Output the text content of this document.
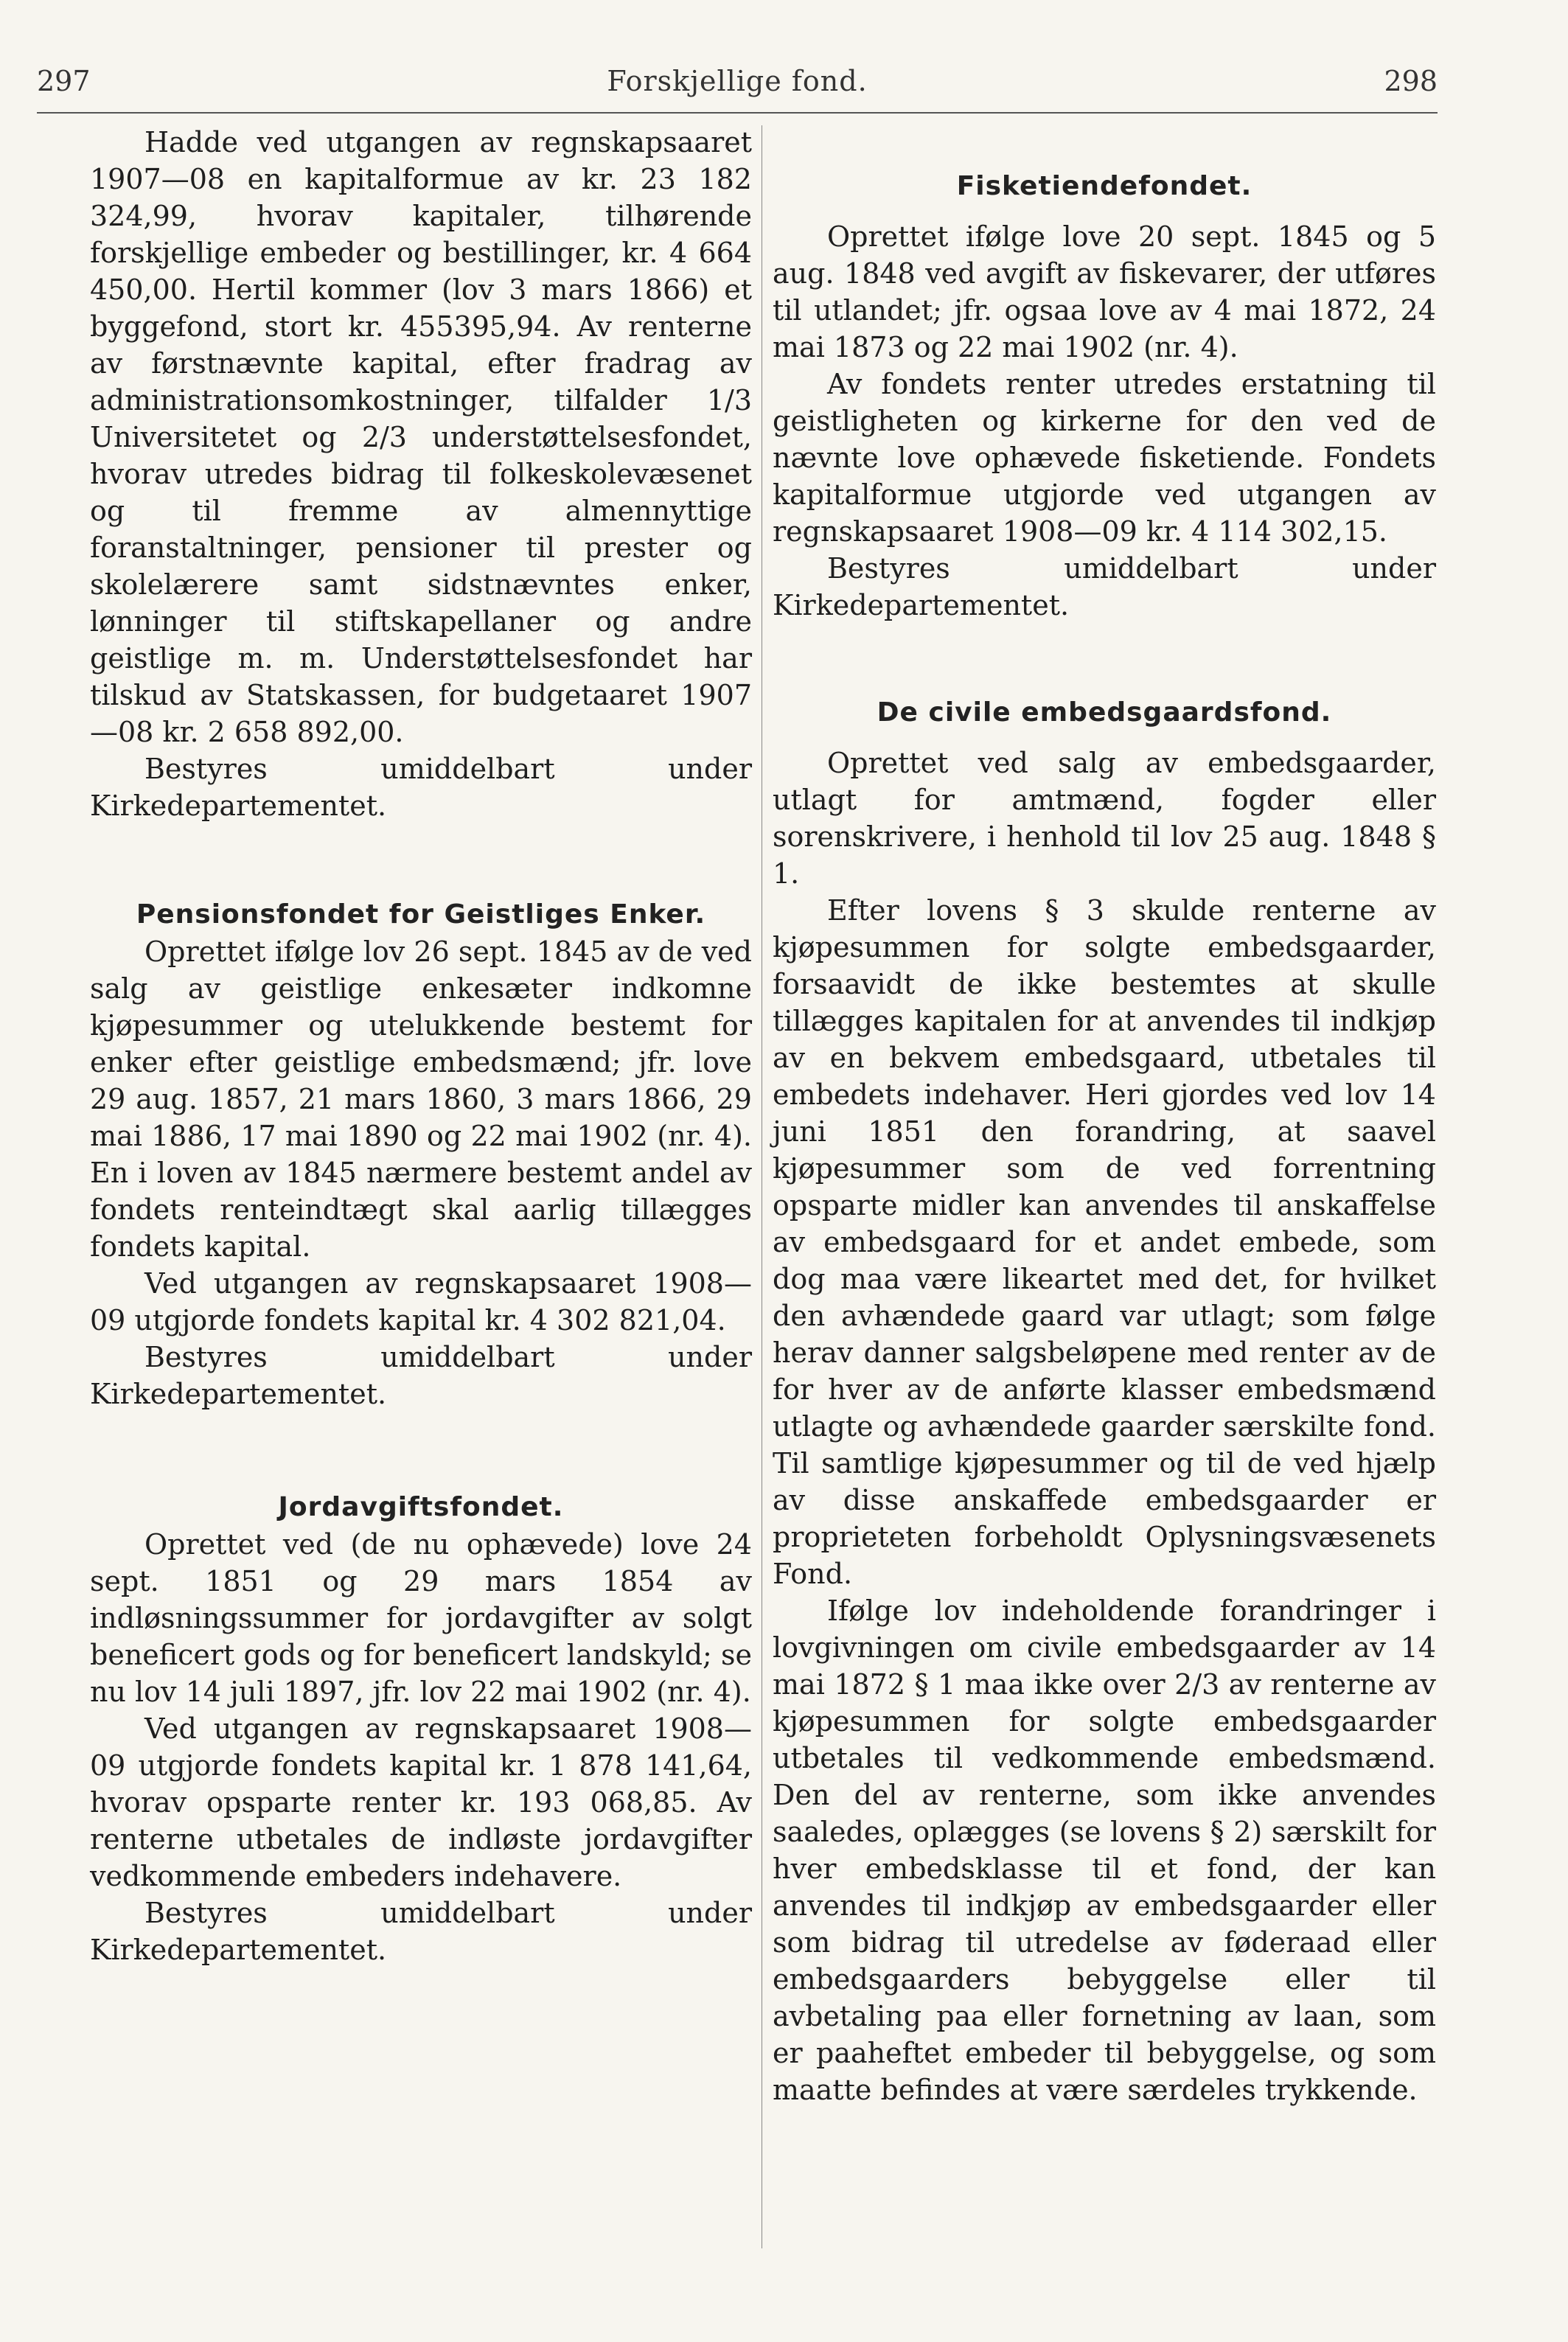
297	Forskjellige fond.	298

Hadde ved utgangen av regnskapsaaret 1907—08 en kapitalformue av kr. 23 182 324,99, hvorav kapitaler, tilhørende forskjellige embeder og bestillinger, kr. 4 664 450,00. Hertil kommer (lov 3 mars 1866) et byggefond, stort kr. 455395,94. Av renterne av førstnævnte kapital, efter fradrag av administrationsomkostninger, tilfalder 1/3 Universitetet og 2/3 understøttelsesfondet, hvorav utredes bidrag til folkeskolevæsenet og til fremme av almennyttige foranstaltninger, pensioner til prester og skolelærere samt sidstnævntes enker, lønninger til stiftskapellaner og andre geistlige m. m. Understøttelsesfondet har tilskud av Statskassen, for budgetaaret 1907—08 kr. 2 658 892,00.

Bestyres umiddelbart under Kirkedepartementet.

Pensionsfondet for Geistliges Enker.

Oprettet ifølge lov 26 sept. 1845 av de ved salg av geistlige enkesæter indkomne kjøpesummer og utelukkende bestemt for enker efter geistlige embedsmænd; jfr. love 29 aug. 1857, 21 mars 1860, 3 mars 1866, 29 mai 1886, 17 mai 1890 og 22 mai 1902 (nr. 4). En i loven av 1845 nærmere bestemt andel av fondets renteindtægt skal aarlig tillægges fondets kapital.

Ved utgangen av regnskapsaaret 1908—09 utgjorde fondets kapital kr. 4 302 821,04.

Bestyres umiddelbart under Kirkedepartementet.

Jordavgiftsfondet.

Oprettet ved (de nu ophævede) love 24 sept. 1851 og 29 mars 1854 av indløsningssummer for jordavgifter av solgt beneficert gods og for beneficert landskyld; se nu lov 14 juli 1897, jfr. lov 22 mai 1902 (nr. 4).

Ved utgangen av regnskapsaaret 1908—09 utgjorde fondets kapital kr. 1 878 141,64, hvorav opsparte renter kr. 193 068,85. Av renterne utbetales de indløste jordavgifter vedkommende embeders indehavere.

Bestyres umiddelbart under Kirkedepartementet.

Fisketiendefondet.

Oprettet ifølge love 20 sept. 1845 og 5 aug. 1848 ved avgift av fiskevarer, der utføres til utlandet; jfr. ogsaa love av 4 mai 1872, 24 mai 1873 og 22 mai 1902 (nr. 4).

Av fondets renter utredes erstatning til geistligheten og kirkerne for den ved de nævnte love ophævede fisketiende. Fondets kapitalformue utgjorde ved utgangen av regnskapsaaret 1908—09 kr. 4 114 302,15.

Bestyres umiddelbart under Kirkedepartementet.

De civile embedsgaardsfond.

Oprettet ved salg av embedsgaarder, utlagt for amtmænd, fogder eller sorenskrivere, i henhold til lov 25 aug. 1848 § 1.

Efter lovens § 3 skulde renterne av kjøpesummen for solgte embedsgaarder, forsaavidt de ikke bestemtes at skulle tillægges kapitalen for at anvendes til indkjøp av en bekvem embedsgaard, utbetales til embedets indehaver. Heri gjordes ved lov 14 juni 1851 den forandring, at saavel kjøpesummer som de ved forrentning opsparte midler kan anvendes til anskaffelse av embedsgaard for et andet embede, som dog maa være likeartet med det, for hvilket den avhændede gaard var utlagt; som følge herav danner salgsbeløpene med renter av de for hver av de anførte klasser embedsmænd utlagte og avhændede gaarder særskilte fond. Til samtlige kjøpesummer og til de ved hjælp av disse anskaffede embedsgaarder er proprieteten forbeholdt Oplysningsvæsenets Fond.

Ifølge lov indeholdende forandringer i lovgivningen om civile embedsgaarder av 14 mai 1872 § 1 maa ikke over 2/3 av renterne av kjøpesummen for solgte embedsgaarder utbetales til vedkommende embedsmænd. Den del av renterne, som ikke anvendes saaledes, oplægges (se lovens § 2) særskilt for hver embedsklasse til et fond, der kan anvendes til indkjøp av embedsgaarder eller som bidrag til utredelse av føderaad eller embedsgaarders bebyggelse eller til avbetaling paa eller fornetning av laan, som er paaheftet embeder til bebyggelse, og som maatte befindes at være særdeles trykkende.
